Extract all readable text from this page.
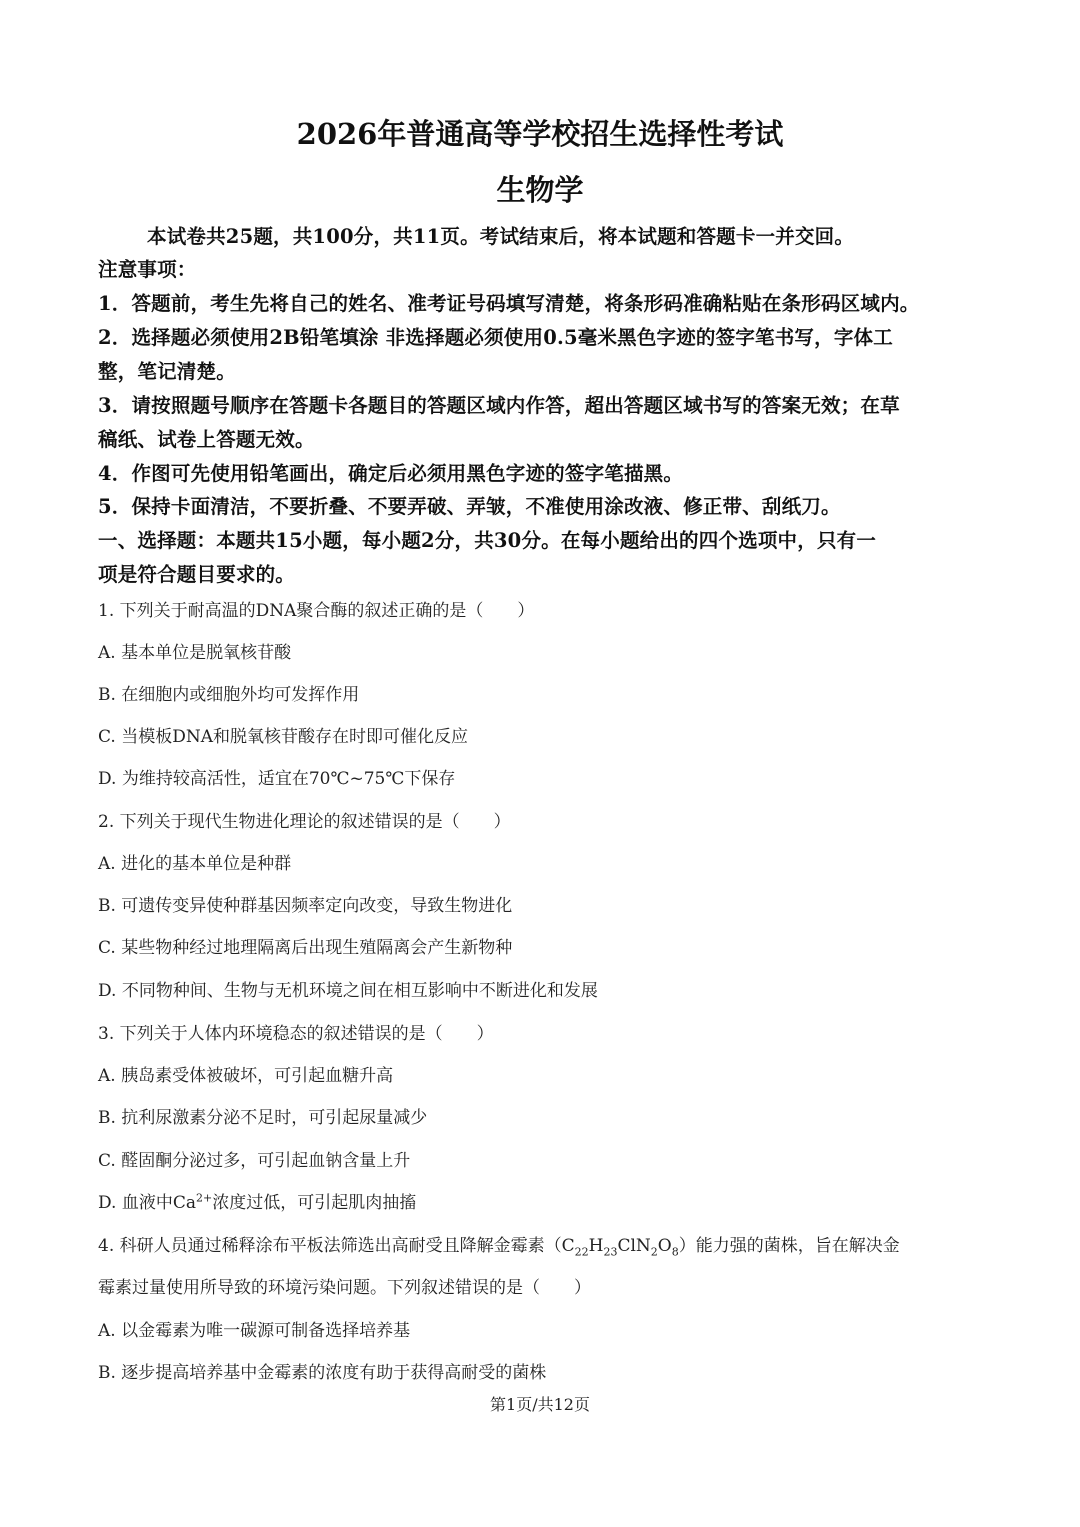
2026年普通高等学校招生选择性考试
生物学
本试卷共25题，共100分，共11页。考试结束后，将本试题和答题卡一并交回。
注意事项：
1．答题前，考生先将自己的姓名、准考证号码填写清楚，将条形码准确粘贴在条形码区域内。
2．选择题必须使用2B铅笔填涂 非选择题必须使用0.5毫米黑色字迹的签字笔书写，字体工
整，笔记清楚。
3．请按照题号顺序在答题卡各题目的答题区域内作答，超出答题区域书写的答案无效；在草
稿纸、试卷上答题无效。
4．作图可先使用铅笔画出，确定后必须用黑色字迹的签字笔描黑。
5．保持卡面清洁，不要折叠、不要弄破、弄皱，不准使用涂改液、修正带、刮纸刀。
一、选择题：本题共15小题，每小题2分，共30分。在每小题给出的四个选项中，只有一
项是符合题目要求的。
1. 下列关于耐高温的DNA聚合酶的叙述正确的是（　　）
A. 基本单位是脱氧核苷酸
B. 在细胞内或细胞外均可发挥作用
C. 当模板DNA和脱氧核苷酸存在时即可催化反应
D. 为维持较高活性，适宜在70℃~75℃下保存
2. 下列关于现代生物进化理论的叙述错误的是（　　）
A. 进化的基本单位是种群
B. 可遗传变异使种群基因频率定向改变，导致生物进化
C. 某些物种经过地理隔离后出现生殖隔离会产生新物种
D. 不同物种间、生物与无机环境之间在相互影响中不断进化和发展
3. 下列关于人体内环境稳态的叙述错误的是（　　）
A. 胰岛素受体被破坏，可引起血糖升高
B. 抗利尿激素分泌不足时，可引起尿量减少
C. 醛固酮分泌过多，可引起血钠含量上升
D. 血液中$Ca^{2+}$浓度过低，可引起肌肉抽搐
4. 科研人员通过稀释涂布平板法筛选出高耐受且降解金霉素$(C_{22}H_{23}ClN_2O_8)$能力强的菌株，旨在解决金
霉素过量使用所导致的环境污染问题。下列叙述错误的是（　　）
A. 以金霉素为唯一碳源可制备选择培养基
B. 逐步提高培养基中金霉素的浓度有助于获得高耐受的菌株
第1页/共12页
